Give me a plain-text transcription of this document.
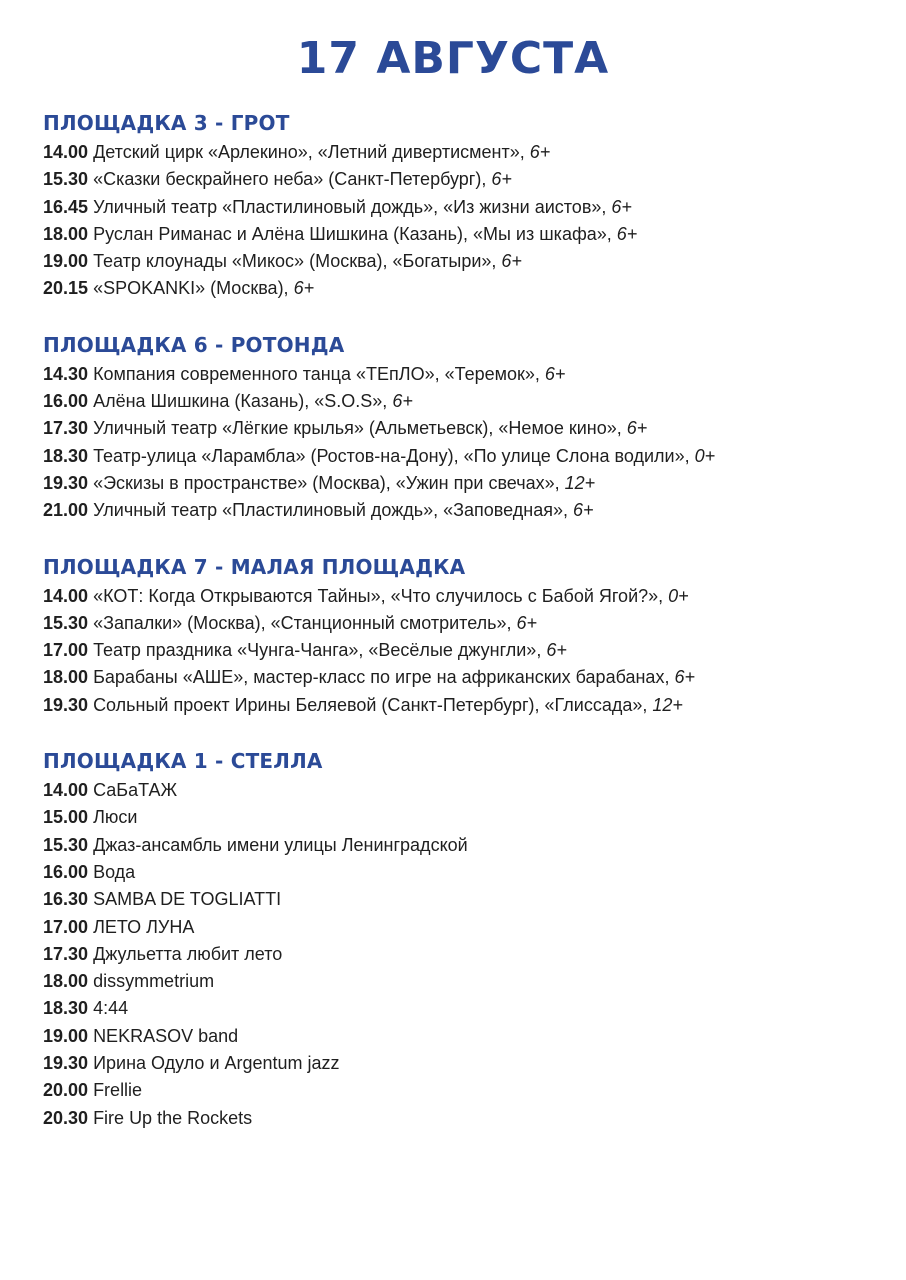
17 АВГУСТА
ПЛОЩАДКА 3 - ГРОТ
14.00 Детский цирк «Арлекино», «Летний дивертисмент», 6+
15.30 «Сказки бескрайнего неба» (Санкт-Петербург), 6+
16.45 Уличный театр «Пластилиновый дождь», «Из жизни аистов», 6+
18.00 Руслан Риманас и Алёна Шишкина (Казань), «Мы из шкафа», 6+
19.00 Театр клоунады «Микос» (Москва), «Богатыри», 6+
20.15 «SPOKANKI» (Москва), 6+
ПЛОЩАДКА 6 - РОТОНДА
14.30 Компания современного танца «ТЕпЛО», «Теремок», 6+
16.00 Алёна Шишкина (Казань), «S.O.S», 6+
17.30 Уличный театр «Лёгкие крылья» (Альметьевск), «Немое кино», 6+
18.30 Театр-улица «Ларамбла» (Ростов-на-Дону), «По улице Слона водили», 0+
19.30 «Эскизы в пространстве» (Москва), «Ужин при свечах», 12+
21.00 Уличный театр «Пластилиновый дождь», «Заповедная», 6+
ПЛОЩАДКА 7 - МАЛАЯ ПЛОЩАДКА
14.00 «КОТ: Когда Открываются Тайны», «Что случилось с Бабой Ягой?», 0+
15.30 «Запалки» (Москва), «Станционный смотритель», 6+
17.00 Театр праздника «Чунга-Чанга», «Весёлые джунгли», 6+
18.00 Барабаны «АШЕ», мастер-класс по игре на африканских барабанах, 6+
19.30 Сольный проект Ирины Беляевой (Санкт-Петербург), «Глиссада», 12+
ПЛОЩАДКА 1 - СТЕЛЛА
14.00 СаБаТАЖ
15.00 Люси
15.30 Джаз-ансамбль имени улицы Ленинградской
16.00 Вода
16.30 SAMBA DE TOGLIATTI
17.00 ЛЕТО ЛУНА
17.30 Джульетта любит лето
18.00 dissymmetrium
18.30 4:44
19.00 NEKRASOV band
19.30 Ирина Одуло и Argentum jazz
20.00 Frellie
20.30 Fire Up the Rockets
